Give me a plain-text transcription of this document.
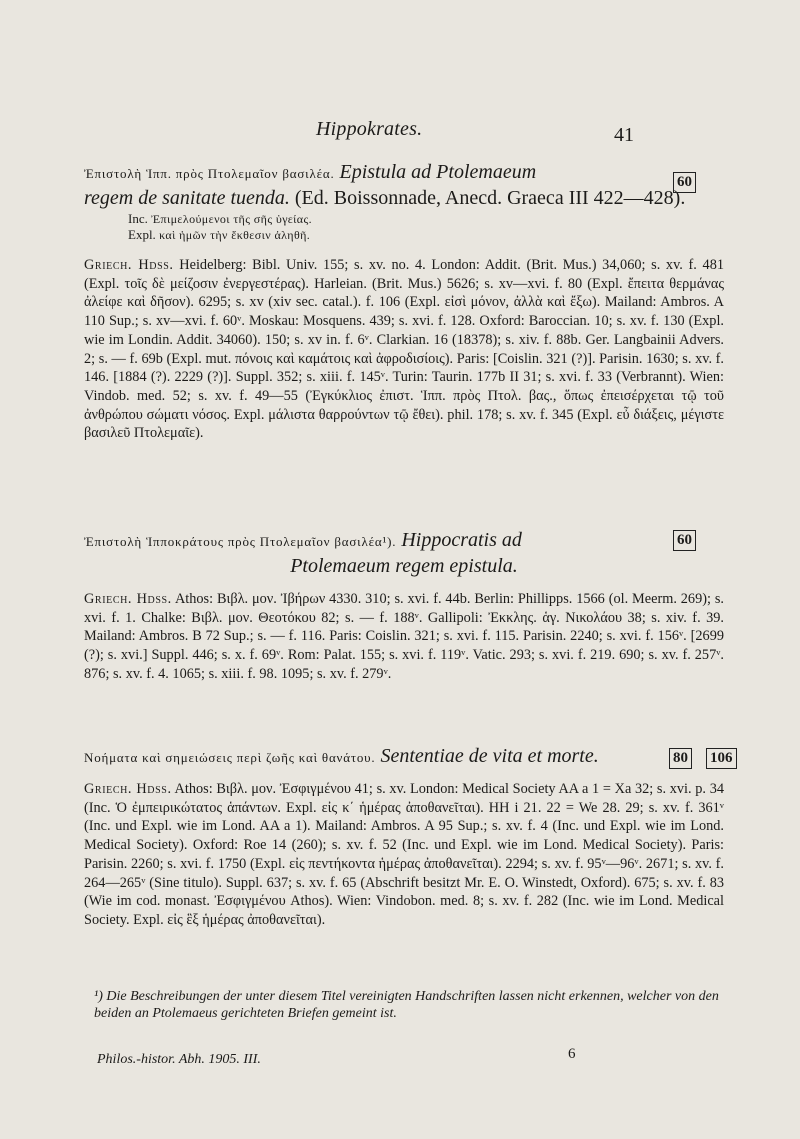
Hippokrates.	41

Ἐπιστολὴ Ἱππ. πρὸς Πτολεμαῖον βασιλέα. Epistula ad Ptolemaeum

regem de sanitate tuenda. (Ed. Boissonnade, Anecd. Graeca III 422—428).

Inc. Ἐπιμελούμενοι τῆς σῆς ὑγείας.

Expl. καὶ ἡμῶν τὴν ἕκθεσιν ἀληθῆ.

Griech. Hdss. Heidelberg: Bibl. Univ. 155; s. xv. no. 4. London: Addit. (Brit. Mus.) 34,060; s. xv. f. 481 (Expl. τοῖς δὲ μείζοσιν ἐνεργεστέρας). Harleian. (Brit. Mus.) 5626; s. xv—xvi. f. 80 (Expl. ἔπειτα θερμάνας ἀλείφε καὶ δῆσον). 6295; s. xv (xiv sec. catal.). f. 106 (Expl. εἰσὶ μόνον, ἀλλὰ καὶ ἔξω). Mailand: Ambros. A 110 Sup.; s. xv—xvi. f. 60ᵛ. Moskau: Mosquens. 439; s. xvi. f. 128. Oxford: Baroccian. 10; s. xv. f. 130 (Expl. wie im Londin. Addit. 34060). 150; s. xv in. f. 6ᵛ. Clarkian. 16 (18378); s. xiv. f. 88b. Ger. Langbainii Advers. 2; s. — f. 69b (Expl. mut. πόνοις καὶ καμάτοις καὶ ἀφροδισίοις). Paris: [Coislin. 321 (?)]. Parisin. 1630; s. xv. f. 146. [1884 (?). 2229 (?)]. Suppl. 352; s. xiii. f. 145ᵛ. Turin: Taurin. 177b II 31; s. xvi. f. 33 (Verbrannt). Wien: Vindob. med. 52; s. xv. f. 49—55 (Ἐγκύκλιος ἐπιστ. Ἱππ. πρὸς Πτολ. βας., ὅπως ἐπεισέρχεται τῷ τοῦ ἀνθρώπου σώματι νόσος. Expl. μάλιστα θαρρούντων τῷ ἔθει). phil. 178; s. xv. f. 345 (Expl. εὖ διάξεις, μέγιστε βασιλεῦ Πτολεμαῖε).

60

Ἐπιστολὴ Ἱπποκράτους πρὸς Πτολεμαῖον βασιλέα¹). Hippocratis ad

Ptolemaeum regem epistula.

Griech. Hdss. Athos: Βιβλ. μον. Ἰβήρων 4330. 310; s. xvi. f. 44b. Berlin: Phillipps. 1566 (ol. Meerm. 269); s. xvi. f. 1. Chalke: Βιβλ. μον. Θεοτόκου 82; s. — f. 188ᵛ. Gallipoli: Ἐκκλης. ἁγ. Νικολάου 38; s. xiv. f. 39. Mailand: Ambros. B 72 Sup.; s. — f. 116. Paris: Coislin. 321; s. xvi. f. 115. Parisin. 2240; s. xvi. f. 156ᵛ. [2699 (?); s. xvi.] Suppl. 446; s. x. f. 69ᵛ. Rom: Palat. 155; s. xvi. f. 119ᵛ. Vatic. 293; s. xvi. f. 219. 690; s. xv. f. 257ᵛ. 876; s. xv. f. 4. 1065; s. xiii. f. 98. 1095; s. xv. f. 279ᵛ.

60

Νοήματα καὶ σημειώσεις περὶ ζωῆς καὶ θανάτου. Sententiae de vita et morte.

Griech. Hdss. Athos: Βιβλ. μον. Ἐσφιγμένου 41; s. xv. London: Medical Society AA a 1 = Xa 32; s. xvi. p. 34 (Inc. Ὁ ἐμπειρικώτατος ἁπάντων. Expl. εἰς κ΄ ἡμέρας ἀποθανεῖται). HH i 21. 22 = We 28. 29; s. xv. f. 361ᵛ (Inc. und Expl. wie im Lond. AA a 1). Mailand: Ambros. A 95 Sup.; s. xv. f. 4 (Inc. und Expl. wie im Lond. Medical Society). Oxford: Roe 14 (260); s. xv. f. 52 (Inc. und Expl. wie im Lond. Medical Society). Paris: Parisin. 2260; s. xvi. f. 1750 (Expl. εἰς πεντήκοντα ἡμέρας ἀποθανεῖται). 2294; s. xv. f. 95ᵛ—96ᵛ. 2671; s. xv. f. 264—265ᵛ (Sine titulo). Suppl. 637; s. xv. f. 65 (Abschrift besitzt Mr. E. O. Winstedt, Oxford). 675; s. xv. f. 83 (Wie im cod. monast. Ἐσφιγμένου Athos). Wien: Vindobon. med. 8; s. xv. f. 282 (Inc. wie im Lond. Medical Society. Expl. εἰς ἓξ ἡμέρας ἀποθανεῖται).

80 106
¹) Die Beschreibungen der unter diesem Titel vereinigten Handschriften lassen nicht erkennen, welcher von den beiden an Ptolemaeus gerichteten Briefen gemeint ist.
Philos.-histor. Abh. 1905. III.	6
